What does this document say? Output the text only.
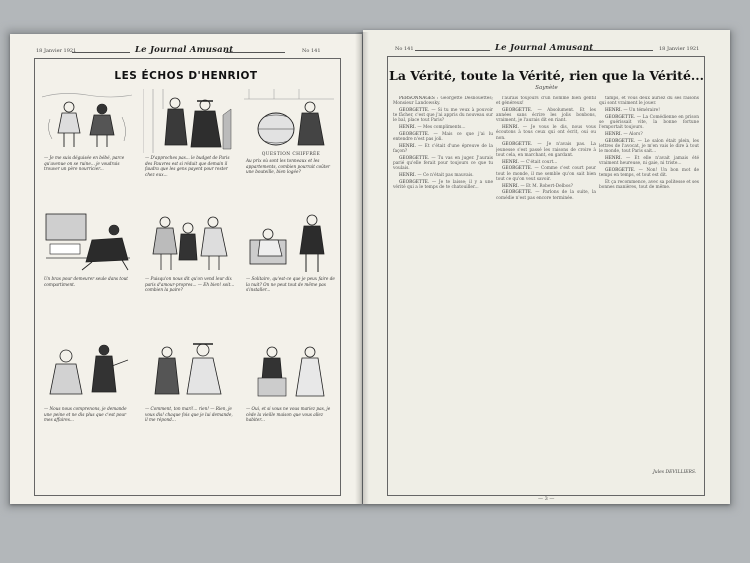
18 Janvier 1921	Le Journal Amusant	No 141
LES ÉCHOS D'HENRIOT
— Je me suis déguisée en bébé, parce qu'avenue on se ruine... je voudrais trouver un père nourricier...
— D'approches pas... le budget de Paris des Pauvres est si réduit que demain il faudra que les gens payent pour rester chez eux...
QUESTION CHIFFRÉE
Au prix où sont les tonneaux et les appartements, combien pourrait coûter une bouteille, bien logée?
Un bras pour demeurer seule dans tout compartiment.
— Puisqu'on nous dit qu'on vend leur dix paris d'amour-propres... — Eh bien! soit... combien la paire?
— Solitaire, qu'est-ce que je peux faire de la nuit? On ne peut tout de même pas s'installer...
— Nous nous comprenons, je demande une peine et ne dis plus que c'est pour mes affaires...
— Comment, ton mari!... rien! — Rien, je vous dis! chaque fois que je lui demande, il me répond...
— Oui, et si vous ne vous mariez pas, je cède la vieille maison que vous allez habiter...
No 141	Le Journal Amusant	18 Janvier 1921
La Vérité, toute la Vérité, rien que la Vérité...
Saynète

PERSONNAGES : Georgette Desnouettes; Monsieur Landowsky.

GEORGETTE. — Si tu me veux à pouvoir te fâcher, c'est que j'ai appris du nouveau sur le bal, place tout Paris?

HENRI. — Mes compliments...

GEORGETTE. — Mais ce que j'ai lu entendre n'est pas joli.

HENRI. — Et c'était d'une épreuve de la façon?

GEORGETTE. — Tu vas en juger. J'aurais parié qu'elle ferait pour toujours ce que tu voulais.

HENRI. — Ce n'était pas mauvais.

GEORGETTE. — Je te laisse; il y a une vérité qui a le temps de te chatouiller...

l'aurais toujours d'un homme bien gentil et généreux!

GEORGETTE. — Absolument. Et les années sans écrire les jolis bonbons, vraiment, je l'aurais dit en riant.

HENRI. — Je vous le dis, nous vous écoutons à tous ceux qui ont écrit, oui ou non.

GEORGETTE. — Je n'avais pas. La jeunesse s'est passé les raisons de croire à tout cela, en marchant, en gardant.

HENRI. — C'était court...

GEORGETTE. — Comme c'est court pour tout le monde, il me semble qu'on sait bien tout ce qu'on veut savoir.

HENRI. — Et M. Robert-Delbos?

GEORGETTE. — Parlons de la suite, la comédie n'est pas encore terminée.

tamps, et vous deux auriez du ses raisons qui sont vraiment le jouer.

HENRI. — Un téméraire!

GEORGETTE. — La Comédienne en prison se guérissait vite, la bonne fortune l'emportait toujours.

HENRI. — Alors?

GEORGETTE. — Le salon était plein, les lettres de l'avocat, je m'en vais le dire à tout le monde, tout Paris sait...

HENRI. — Et elle n'avait jamais été vraiment heureuse, ni gaie, ni triste...

GEORGETTE. — Non! Un bon mot de temps en temps, et tout est dit.

Et ça recommence, avec sa politesse et ses bonnes manières, tout de même.

Jules DEVILLIERS.
— 3 —
